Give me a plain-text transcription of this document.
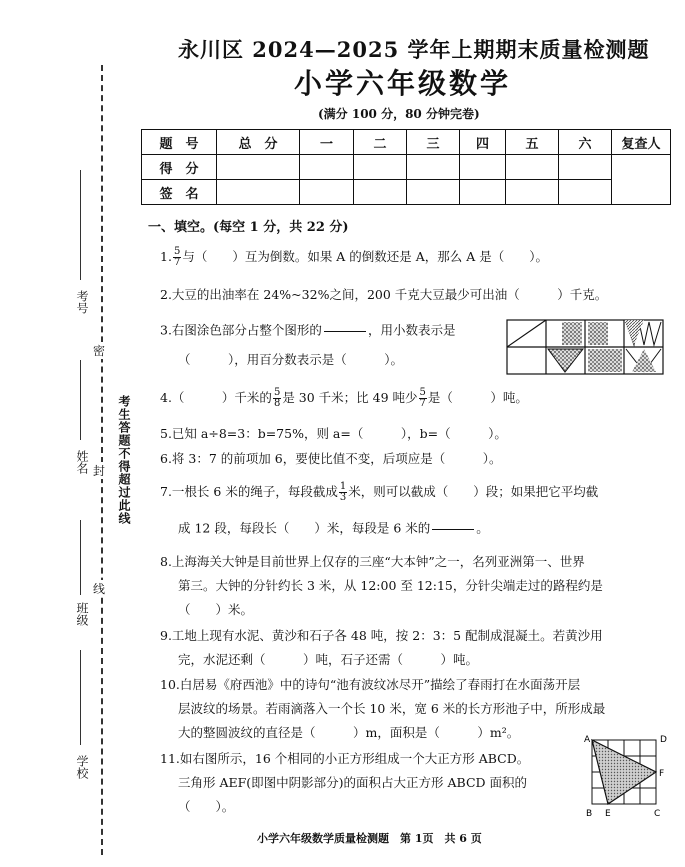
永川区 2024—2025 学年上期期末质量检测题
小学六年级数学
(满分 100 分，80 分钟完卷)
题　号	总　分	一	二	三	四	五	六	复查人
得　分								
签　名								
考号
密
姓名 封
班级
线
学校
考生答题不得超过此线
一、填空。(每空 1 分，共 22 分)
1. $\frac{5}{7}$ 与（　　）互为倒数。如果 A 的倒数还是 A，那么 A 是（　　）。
2.大豆的出油率在 24%~32%之间，200 千克大豆最少可出油（　　　）千克。
3.右图涂色部分占整个图形的	，用小数表示是
（　　　），用百分数表示是（　　　）。
4.（　　　）千米的 $\frac{5}{8}$ 是 30 千米；比 49 吨少 $\frac{5}{7}$ 是（　　　）吨。
5.已知 a÷8=3：b=75%，则 a=（　　　），b=（　　　）。
6.将 3：7 的前项加 6，要使比值不变，后项应是（　　　）。
7.一根长 6 米的绳子，每段截成 $\frac{1}{3}$ 米，则可以截成（　　）段；如果把它平均截
成 12 段，每段长（　　）米，每段是 6 米的	。
8.上海海关大钟是目前世界上仅存的三座“大本钟”之一，名列亚洲第一、世界
第三。大钟的分针约长 3 米，从 12:00 至 12:15，分针尖端走过的路程约是
（　　）米。
9.工地上现有水泥、黄沙和石子各 48 吨，按 2：3：5 配制成混凝土。若黄沙用
完，水泥还剩（　　　）吨，石子还需（　　　）吨。
10.白居易《府西池》中的诗句“池有波纹冰尽开”描绘了春雨打在水面荡开层
层波纹的场景。若雨滴落入一个长 10 米，宽 6 米的长方形池子中，所形成最
大的整圆波纹的直径是（　　　）m，面积是（　　　）m²。
11.如右图所示，16 个相同的小正方形组成一个大正方形 ABCD。
三角形 AEF(即图中阴影部分)的面积占大正方形 ABCD 面积的
（　　）。
A	D
F
B E	C
小学六年级数学质量检测题　第 1页　共 6 页
